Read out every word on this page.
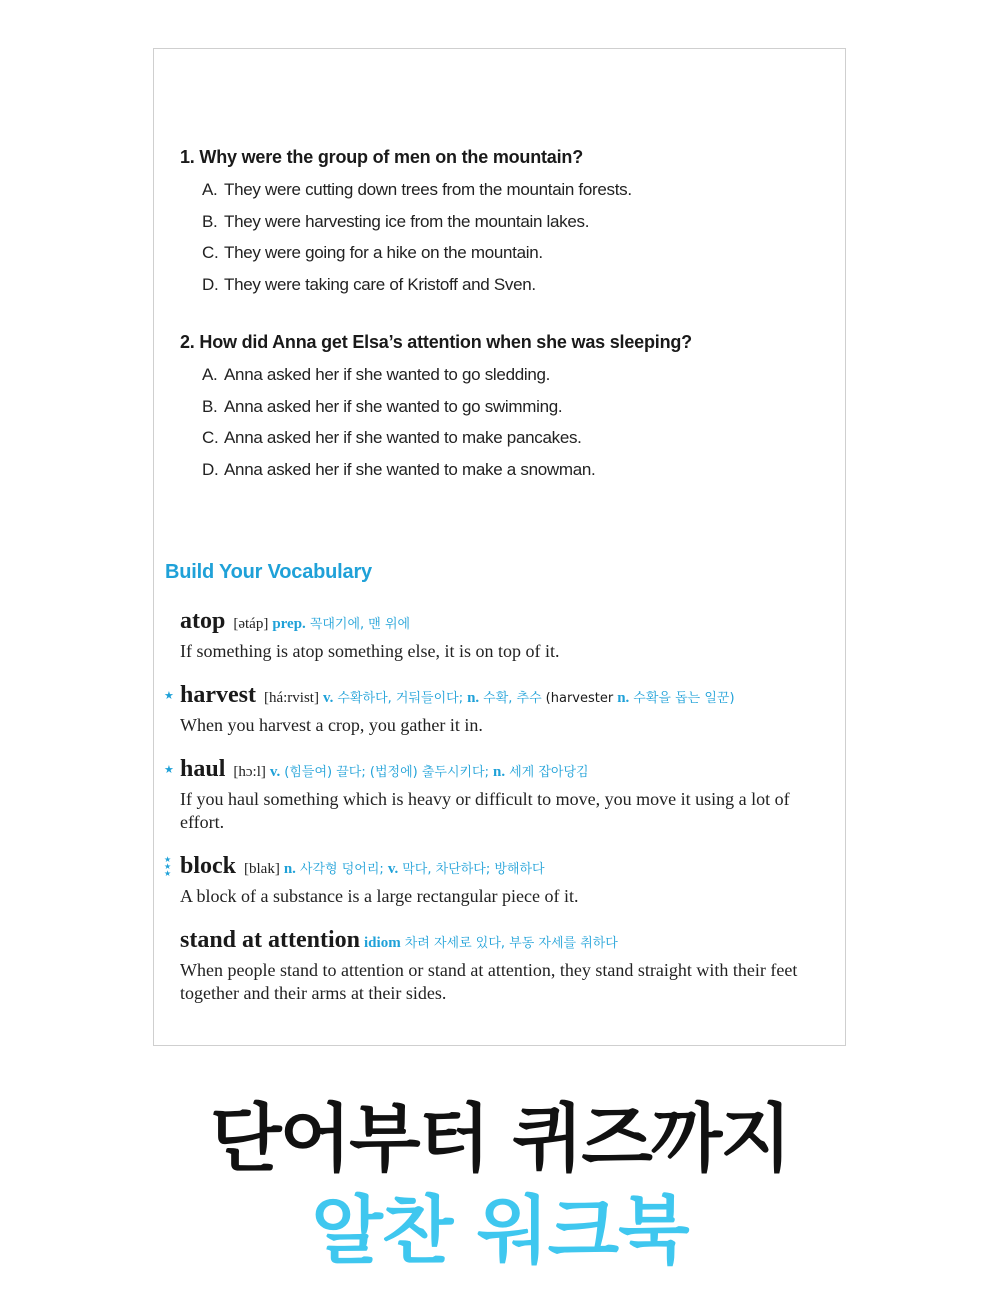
1. Why were the group of men on the mountain?
A. They were cutting down trees from the mountain forests.
B. They were harvesting ice from the mountain lakes.
C. They were going for a hike on the mountain.
D. They were taking care of Kristoff and Sven.
2. How did Anna get Elsa’s attention when she was sleeping?
A. Anna asked her if she wanted to go sledding.
B. Anna asked her if she wanted to go swimming.
C. Anna asked her if she wanted to make pancakes.
D. Anna asked her if she wanted to make a snowman.
Build Your Vocabulary
atop [ətáp] prep. 꼭대기에, 맨 위에
If something is atop something else, it is on top of it.
★ harvest [há:rvist] v. 수확하다, 거둬들이다; n. 수확, 추수 (harvester n. 수확을 돕는 일꾼)
When you harvest a crop, you gather it in.
★ haul [hɔ:l] v. (힘들여) 끌다; (법정에) 출두시키다; n. 세게 잡아당김
If you haul something which is heavy or difficult to move, you move it using a lot of effort.
★
★
★ block [blak] n. 사각형 덩어리; v. 막다, 차단하다; 방해하다
A block of a substance is a large rectangular piece of it.
stand at attention idiom 차려 자세로 있다, 부동 자세를 취하다
When people stand to attention or stand at attention, they stand straight with their feet together and their arms at their sides.
단어부터 퀴즈까지
알찬 워크북
